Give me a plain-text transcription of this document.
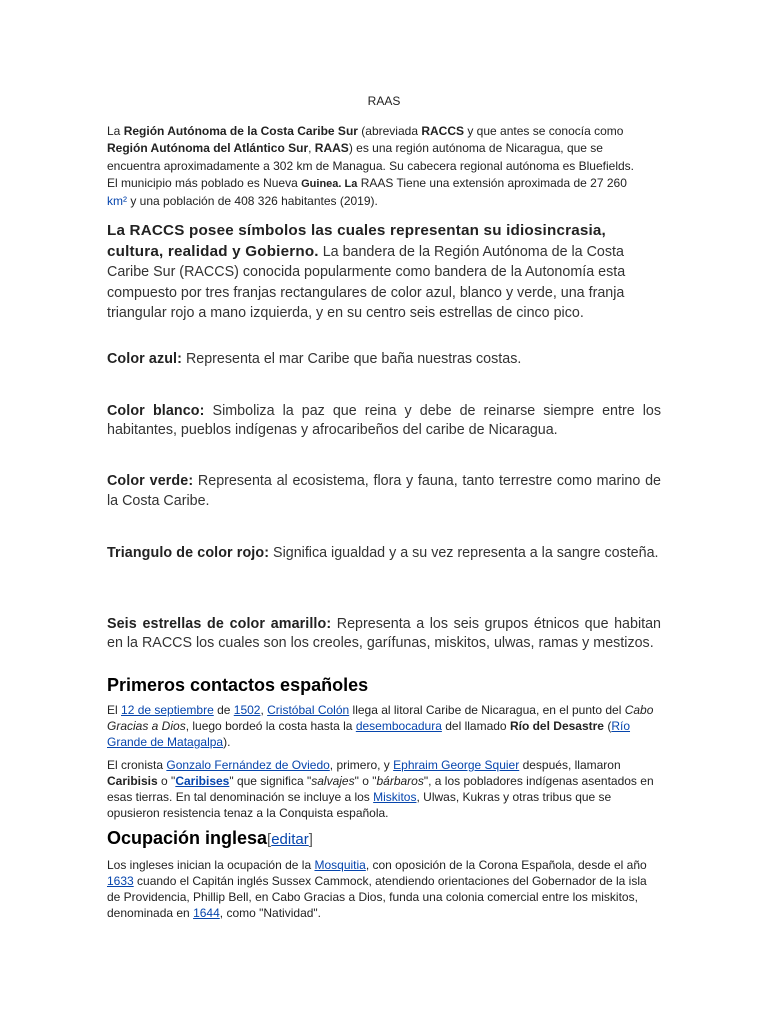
RAAS

La Región Autónoma de la Costa Caribe Sur (abreviada RACCS y que antes se conocía como Región Autónoma del Atlántico Sur, RAAS) es una región autónoma de Nicaragua, que se encuentra aproximadamente a 302 km de Managua. Su cabecera regional autónoma es Bluefields. El municipio más poblado es Nueva Guinea. La RAAS Tiene una extensión aproximada de 27 260 km² y una población de 408 326 habitantes (2019).

La RACCS posee símbolos las cuales representan su idiosincrasia, cultura, realidad y Gobierno. La bandera de la Región Autónoma de la Costa Caribe Sur (RACCS) conocida popularmente como bandera de la Autonomía esta compuesto por tres franjas rectangulares de color azul, blanco y verde, una franja triangular rojo a mano izquierda, y en su centro seis estrellas de cinco pico.

Color azul: Representa el mar Caribe que baña nuestras costas.

Color blanco: Simboliza la paz que reina y debe de reinarse siempre entre los habitantes, pueblos indígenas y afrocaribeños del caribe de Nicaragua.

Color verde: Representa al ecosistema, flora y fauna, tanto terrestre como marino de la Costa Caribe.

Triangulo de color rojo: Significa igualdad y a su vez representa a la sangre costeña.

Seis estrellas de color amarillo: Representa a los seis grupos étnicos que habitan en la RACCS los cuales son los creoles, garífunas, miskitos, ulwas, ramas y mestizos.

Primeros contactos españoles

El 12 de septiembre de 1502, Cristóbal Colón llega al litoral Caribe de Nicaragua, en el punto del Cabo Gracias a Dios, luego bordeó la costa hasta la desembocadura del llamado Río del Desastre (Río Grande de Matagalpa).

El cronista Gonzalo Fernández de Oviedo, primero, y Ephraim George Squier después, llamaron Caribisis o "Caribises" que significa "salvajes" o "bárbaros", a los pobladores indígenas asentados en esas tierras. En tal denominación se incluye a los Miskitos, Ulwas, Kukras y otras tribus que se opusieron resistencia tenaz a la Conquista española.

Ocupación inglesa[editar]

Los ingleses inician la ocupación de la Mosquitia, con oposición de la Corona Española, desde el año 1633 cuando el Capitán inglés Sussex Cammock, atendiendo orientaciones del Gobernador de la isla de Providencia, Phillip Bell, en Cabo Gracias a Dios, funda una colonia comercial entre los miskitos, denominada en 1644, como "Natividad".
